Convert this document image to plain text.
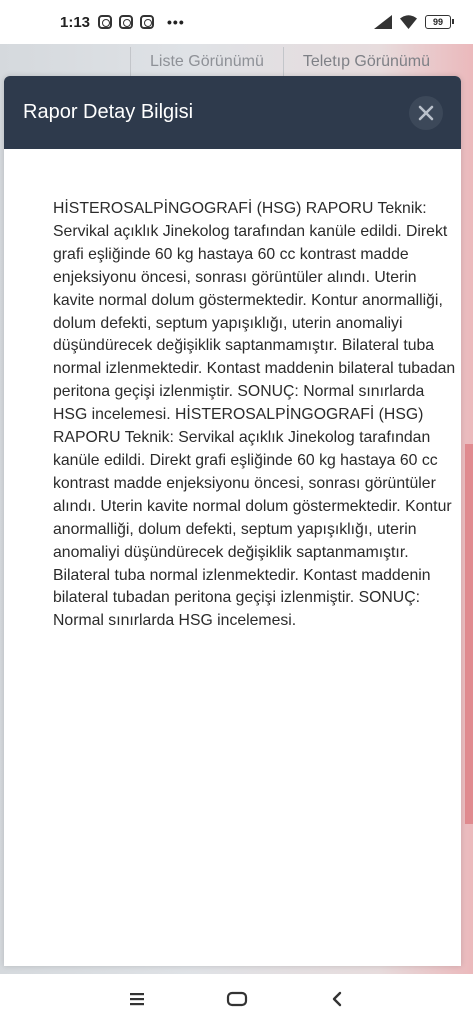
1:13	•••	99
Liste Görünümü	Teletıp Görünümü
Rapor Detay Bilgisi

HİSTEROSALPİNGOGRAFİ (HSG) RAPORU Teknik: Servikal açıklık Jinekolog tarafından kanüle edildi. Direkt grafi eşliğinde 60 kg hastaya 60 cc kontrast madde enjeksiyonu öncesi, sonrası görüntüler alındı. Uterin kavite normal dolum göstermektedir. Kontur anormalliği, dolum defekti, septum yapışıklığı, uterin anomaliyi düşündürecek değişiklik saptanmamıştır. Bilateral tuba normal izlenmektedir. Kontast maddenin bilateral tubadan peritona geçişi izlenmiştir. SONUÇ: Normal sınırlarda HSG incelemesi. HİSTEROSALPİNGOGRAFİ (HSG) RAPORU Teknik: Servikal açıklık Jinekolog tarafından kanüle edildi. Direkt grafi eşliğinde 60 kg hastaya 60 cc kontrast madde enjeksiyonu öncesi, sonrası görüntüler alındı. Uterin kavite normal dolum göstermektedir. Kontur anormalliği, dolum defekti, septum yapışıklığı, uterin anomaliyi düşündürecek değişiklik saptanmamıştır. Bilateral tuba normal izlenmektedir. Kontast maddenin bilateral tubadan peritona geçişi izlenmiştir. SONUÇ: Normal sınırlarda HSG incelemesi.
